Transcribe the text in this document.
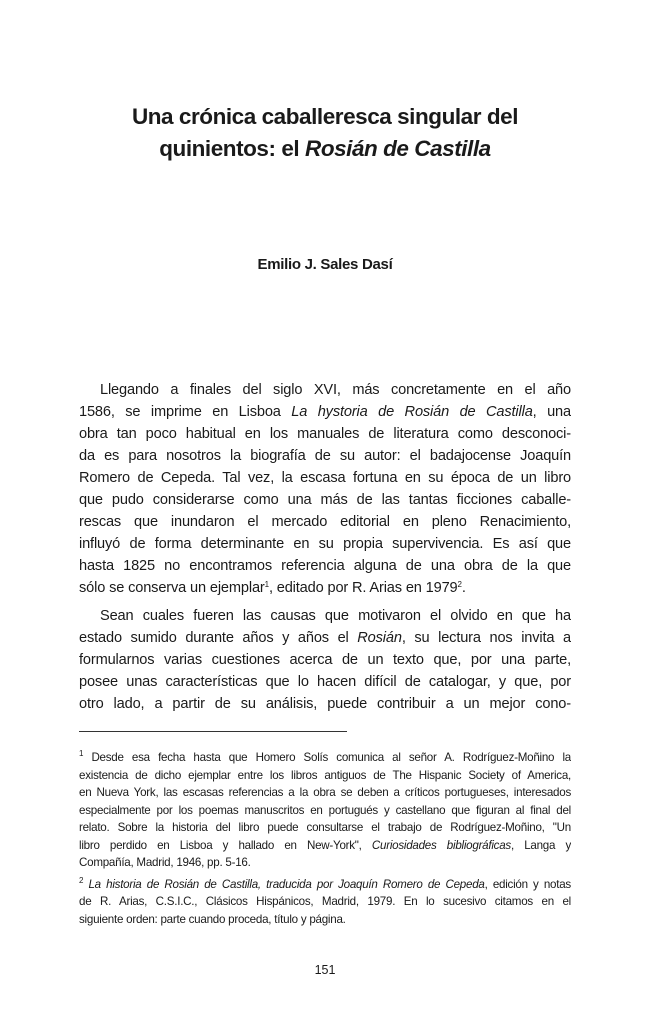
Una crónica caballeresca singular del
quinientos: el Rosián de Castilla
Emilio J. Sales Dasí
Llegando a finales del siglo XVI, más concretamente en el año
1586, se imprime en Lisboa La hystoria de Rosián de Castilla, una
obra tan poco habitual en los manuales de literatura como desconoci-
da es para nosotros la biografía de su autor: el badajocense Joaquín
Romero de Cepeda. Tal vez, la escasa fortuna en su época de un libro
que pudo considerarse como una más de las tantas ficciones caballe-
rescas que inundaron el mercado editorial en pleno Renacimiento,
influyó de forma determinante en su propia supervivencia. Es así que
hasta 1825 no encontramos referencia alguna de una obra de la que
sólo se conserva un ejemplar$^1$, editado por R. Arias en 1979$^2$.
Sean cuales fueren las causas que motivaron el olvido en que ha
estado sumido durante años y años el Rosián, su lectura nos invita a
formularnos varias cuestiones acerca de un texto que, por una parte,
posee unas características que lo hacen difícil de catalogar, y que, por
otro lado, a partir de su análisis, puede contribuir a un mejor cono-
$^1$ Desde esa fecha hasta que Homero Solís comunica al señor A. Rodríguez-Moñino la
existencia de dicho ejemplar entre los libros antiguos de The Hispanic Society of America,
en Nueva York, las escasas referencias a la obra se deben a críticos portugueses, interesados
especialmente por los poemas manuscritos en portugués y castellano que figuran al final del
relato. Sobre la historia del libro puede consultarse el trabajo de Rodríguez-Moñino, "Un
libro perdido en Lisboa y hallado en New-York", Curiosidades bibliográficas, Langa y
Compañía, Madrid, 1946, pp. 5-16.
$^2$ La historia de Rosián de Castilla, traducida por Joaquín Romero de Cepeda, edición y notas
de R. Arias, C.S.I.C., Clásicos Hispánicos, Madrid, 1979. En lo sucesivo citamos en el
siguiente orden: parte cuando proceda, título y página.
151
